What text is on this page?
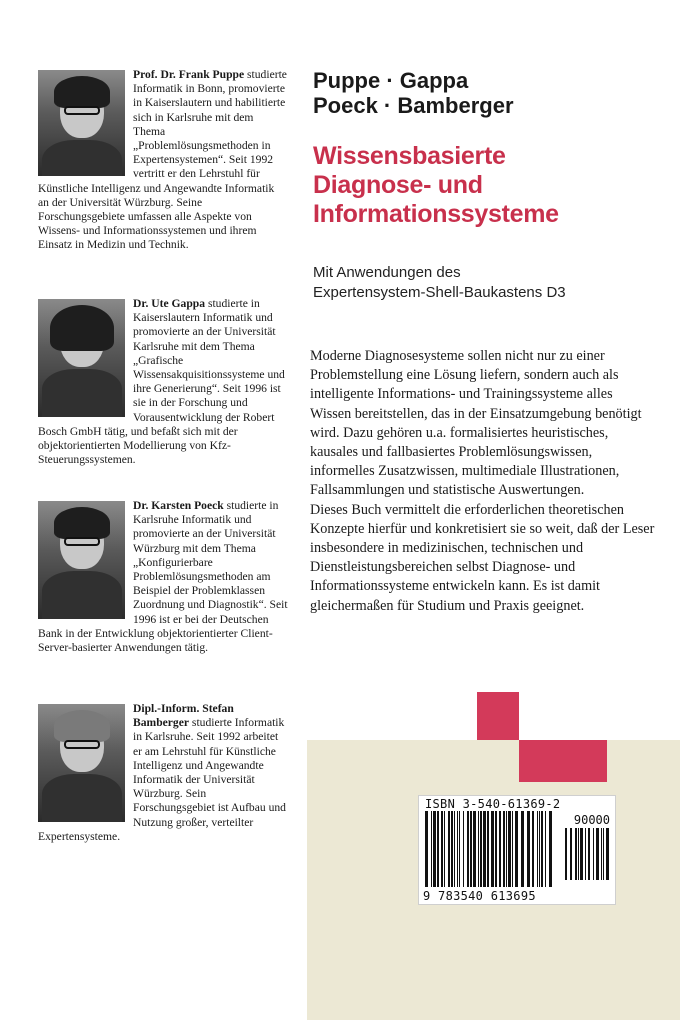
Prof. Dr. Frank Puppe studierte Informatik in Bonn, promovierte in Kaiserslautern und habilitierte sich in Karlsruhe mit dem Thema „Problemlösungsmethoden in Expertensystemen“. Seit 1992 vertritt er den Lehrstuhl für Künstliche Intelligenz und Angewandte Informatik an der Universität Würzburg. Seine Forschungsgebiete umfassen alle Aspekte von Wissens- und Informationssystemen und ihrem Einsatz in Medizin und Technik.

Dr. Ute Gappa studierte in Kaiserslautern Informatik und promovierte an der Universität Karlsruhe mit dem Thema „Grafische Wissensakquisitionssysteme und ihre Generierung“. Seit 1996 ist sie in der Forschung und Vorausentwicklung der Robert Bosch GmbH tätig, und befaßt sich mit der objektorientierten Modellierung von Kfz-Steuerungssystemen.

Dr. Karsten Poeck studierte in Karlsruhe Informatik und promovierte an der Universität Würzburg mit dem Thema „Konfigurierbare Problemlösungsmethoden am Beispiel der Problemklassen Zuordnung und Diagnostik“. Seit 1996 ist er bei der Deutschen Bank in der Entwicklung objektorientierter Client-Server-basierter Anwendungen tätig.

Dipl.-Inform. Stefan Bamberger studierte Informatik in Karlsruhe. Seit 1992 arbeitet er am Lehrstuhl für Künstliche Intelligenz und Angewandte Informatik der Universität Würzburg. Sein Forschungsgebiet ist Aufbau und Nutzung großer, verteilter Expertensysteme.

Puppe · Gappa
Poeck · Bamberger
Wissensbasierte
Diagnose- und
Informationssysteme
Mit Anwendungen des
Expertensystem-Shell-Baukastens D3

Moderne Diagnosesysteme sollen nicht nur zu einer Problemstellung eine Lösung liefern, sondern auch als intelligente Informations- und Trainingssysteme alles Wissen bereitstellen, das in der Einsatzumgebung benötigt wird. Dazu gehören u.a. formalisiertes heuristisches, kausales und fallbasiertes Problemlösungswissen, informelles Zusatzwissen, multimediale Illustrationen, Fallsammlungen und statistische Auswertungen.

Dieses Buch vermittelt die erforderlichen theoretischen Konzepte hierfür und konkretisiert sie so weit, daß der Leser insbesondere in medizinischen, technischen und Dienstleistungsbereichen selbst Diagnose- und Informationssysteme entwickeln kann. Es ist damit gleichermaßen für Studium und Praxis geeignet.

ISBN 3-540-61369-2
90000
9 783540 613695
